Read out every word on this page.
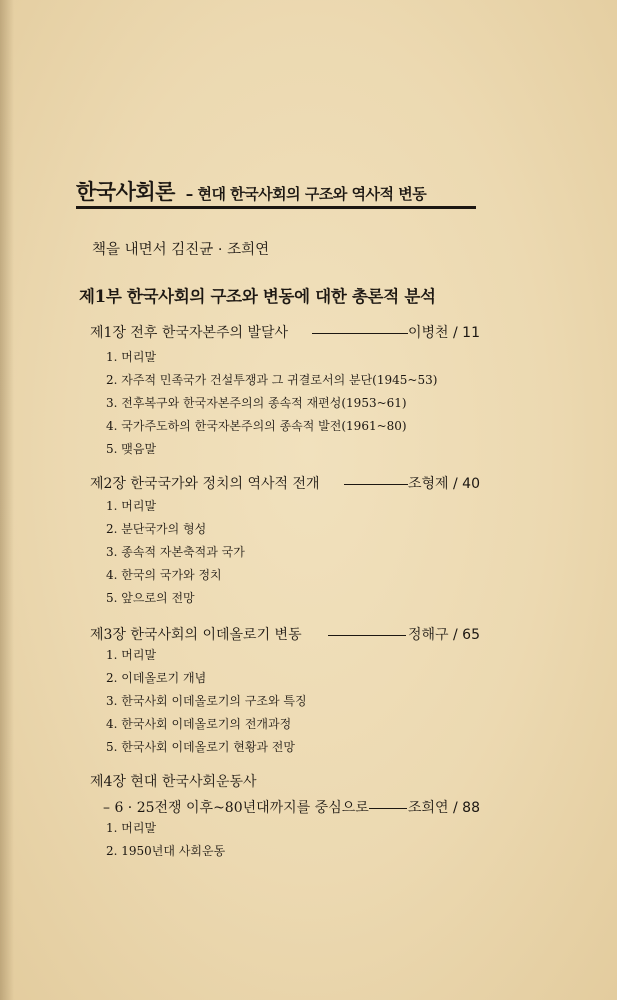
한국사회론 – 현대 한국사회의 구조와 역사적 변동
책을 내면서 김진균 · 조희연
제1부 한국사회의 구조와 변동에 대한 총론적 분석
제1장 전후 한국자본주의 발달사	이병천 / 11
1. 머리말
2. 자주적 민족국가 건설투쟁과 그 귀결로서의 분단(1945~53)
3. 전후복구와 한국자본주의의 종속적 재편성(1953~61)
4. 국가주도하의 한국자본주의의 종속적 발전(1961~80)
5. 맺음말
제2장 한국국가와 정치의 역사적 전개	조형제 / 40
1. 머리말
2. 분단국가의 형성
3. 종속적 자본축적과 국가
4. 한국의 국가와 정치
5. 앞으로의 전망
제3장 한국사회의 이데올로기 변동	정해구 / 65
1. 머리말
2. 이데올로기 개념
3. 한국사회 이데올로기의 구조와 특징
4. 한국사회 이데올로기의 전개과정
5. 한국사회 이데올로기 현황과 전망
제4장 현대 한국사회운동사
– 6 · 25전쟁 이후~80년대까지를 중심으로	조희연 / 88
1. 머리말
2. 1950년대 사회운동
